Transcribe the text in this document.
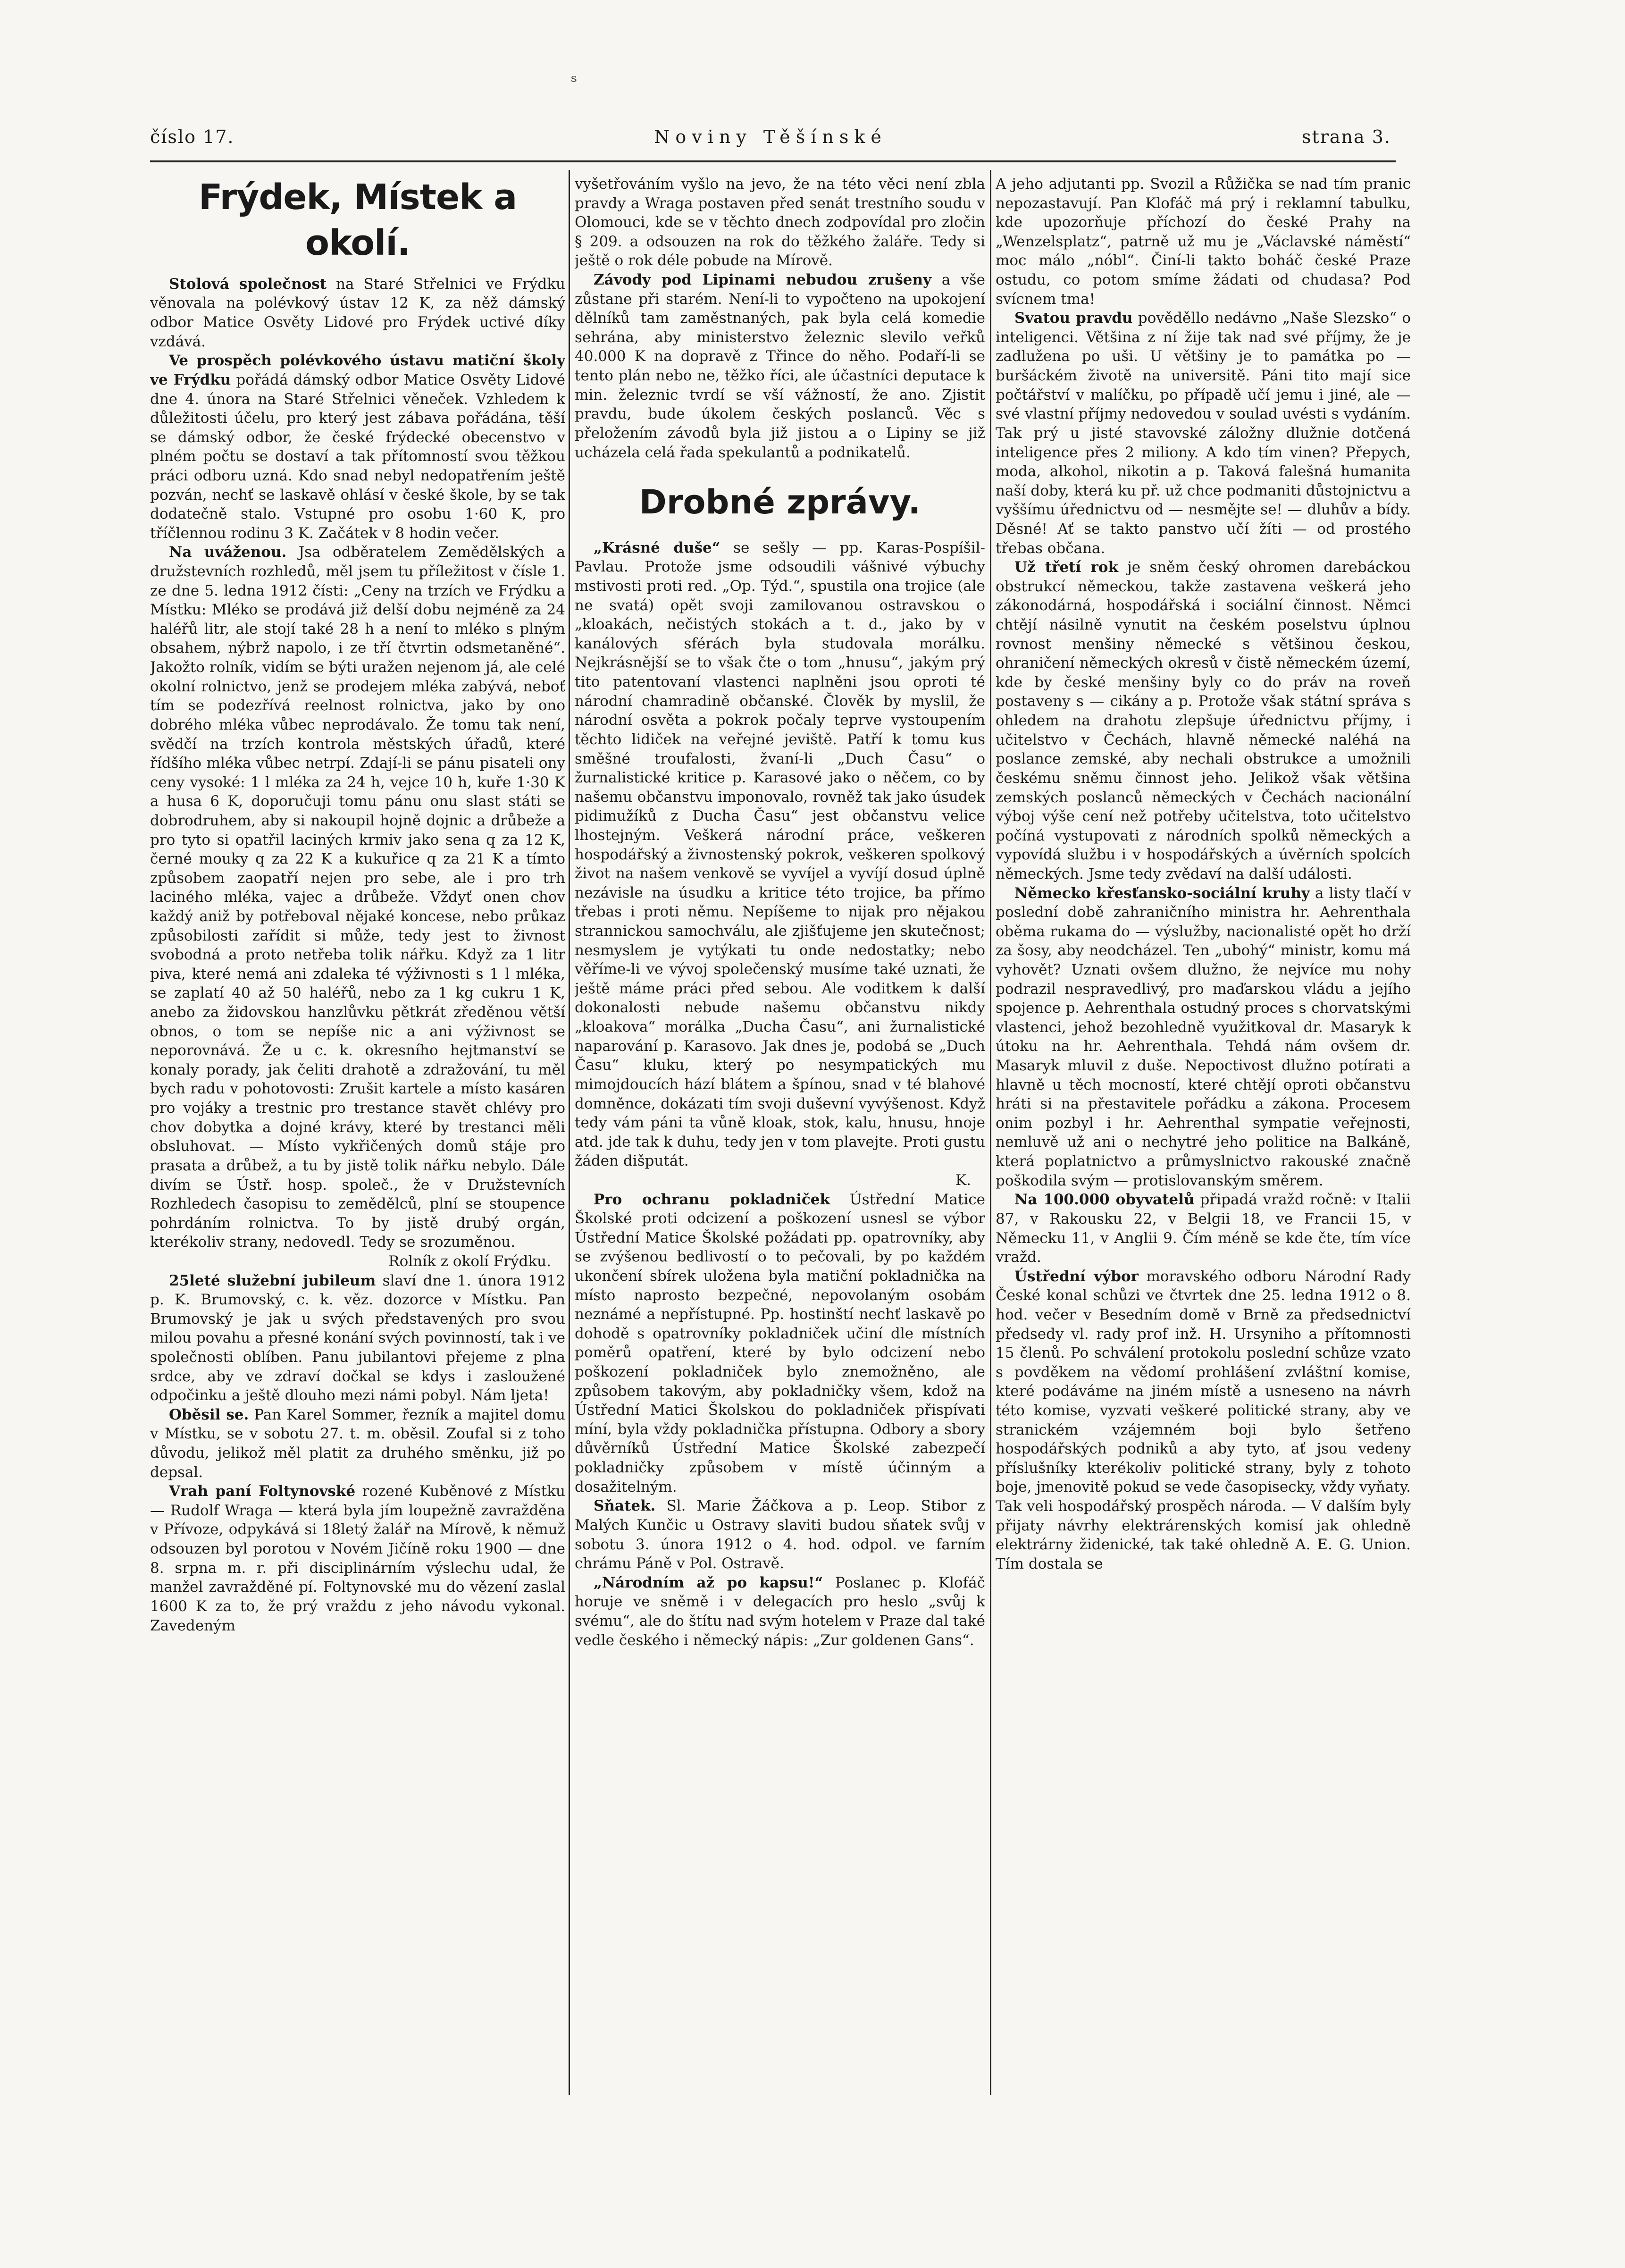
ˢ
číslo 17.	Noviny Těšínské	strana 3.
Frýdek, Místek a okolí.

Stolová společnost na Staré Střelnici ve Frýdku věnovala na polévkový ústav 12 K, za něž dámský odbor Matice Osvěty Lidové pro Frýdek uctivé díky vzdává.

Ve prospěch polévkového ústavu matiční školy ve Frýdku pořádá dámský odbor Matice Osvěty Lidové dne 4. února na Staré Střelnici věneček. Vzhledem k důležitosti účelu, pro který jest zábava pořádána, těší se dámský odbor, že české frýdecké obecenstvo v plném počtu se dostaví a tak přítomností svou těžkou práci odboru uzná. Kdo snad nebyl nedopatřením ještě pozván, nechť se laskavě ohlásí v české škole, by se tak dodatečně stalo. Vstupné pro osobu 1·60 K, pro tříčlennou rodinu 3 K. Začátek v 8 hodin večer.

Na uváženou. Jsa odběratelem Zemědělských a družstevních rozhledů, měl jsem tu příležitost v čísle 1. ze dne 5. ledna 1912 čísti: „Ceny na trzích ve Frýdku a Místku: Mléko se prodává již delší dobu nejméně za 24 haléřů litr, ale stojí také 28 h a není to mléko s plným obsahem, nýbrž napolo, i ze tří čtvrtin odsmetaněné“. Jakožto rolník, vidím se býti uražen nejenom já, ale celé okolní rolnictvo, jenž se prodejem mléka zabývá, neboť tím se podezřívá reelnost rolnictva, jako by ono dobrého mléka vůbec neprodávalo. Že tomu tak není, svědčí na trzích kontrola městských úřadů, které řídšího mléka vůbec netrpí. Zdají-li se pánu pisateli ony ceny vysoké: 1 l mléka za 24 h, vejce 10 h, kuře 1·30 K a husa 6 K, doporučuji tomu pánu onu slast státi se dobrodruhem, aby si nakoupil hojně dojnic a drůbeže a pro tyto si opatřil laciných krmiv jako sena q za 12 K, černé mouky q za 22 K a kukuřice q za 21 K a tímto způsobem zaopatří nejen pro sebe, ale i pro trh laciného mléka, vajec a drůbeže. Vždyť onen chov každý aniž by potřeboval nějaké koncese, nebo průkaz způsobilosti zařídit si může, tedy jest to živnost svobodná a proto netřeba tolik nářku. Když za 1 litr piva, které nemá ani zdaleka té výživnosti s 1 l mléka, se zaplatí 40 až 50 haléřů, nebo za 1 kg cukru 1 K, anebo za židovskou hanzlůvku pětkrát zředěnou větší obnos, o tom se nepíše nic a ani výživnost se neporovnává. Že u c. k. okresního hejtmanství se konaly porady, jak čeliti drahotě a zdražování, tu měl bych radu v pohotovosti: Zrušit kartele a místo kasáren pro vojáky a trestnic pro trestance stavět chlévy pro chov dobytka a dojné krávy, které by trestanci měli obsluhovat. — Místo vykřičených domů stáje pro prasata a drůbež, a tu by jistě tolik nářku nebylo. Dále divím se Ústř. hosp. společ., že v Družstevních Rozhledech časopisu to zemědělců, plní se stoupence pohrdáním rolnictva. To by jistě drubý orgán, kterékoliv strany, nedovedl. Tedy se srozuměnou.

Rolník z okolí Frýdku.

25leté služební jubileum slaví dne 1. února 1912 p. K. Brumovský, c. k. věz. dozorce v Místku. Pan Brumovský je jak u svých představených pro svou milou povahu a přesné konání svých povinností, tak i ve společnosti oblíben. Panu jubilantovi přejeme z plna srdce, aby ve zdraví dočkal se kdys i zasloužené odpočinku a ještě dlouho mezi námi pobyl. Nám ljeta!

Oběsil se. Pan Karel Sommer, řezník a majitel domu v Místku, se v sobotu 27. t. m. oběsil. Zoufal si z toho důvodu, jelikož měl platit za druhého směnku, již po depsal.

Vrah paní Foltynovské rozené Kuběnové z Místku — Rudolf Wraga — která byla jím loupežně zavražděna v Přívoze, odpykává si 18letý žalář na Mírově, k němuž odsouzen byl porotou v Novém Jičíně roku 1900 — dne 8. srpna m. r. při disciplinárním výslechu udal, že manžel zavražděné pí. Foltynovské mu do vězení zaslal 1600 K za to, že prý vraždu z jeho návodu vykonal. Zavedeným

vyšetřováním vyšlo na jevo, že na této věci není zbla pravdy a Wraga postaven před senát trestního soudu v Olomouci, kde se v těchto dnech zodpovídal pro zločin § 209. a odsouzen na rok do těžkého žaláře. Tedy si ještě o rok déle pobude na Mírově.

Závody pod Lipinami nebudou zrušeny a vše zůstane při starém. Není-li to vypočteno na upokojení dělníků tam zaměstnaných, pak byla celá komedie sehrána, aby ministerstvo železnic slevilo veřků 40.000 K na dopravě z Třince do něho. Podaří-li se tento plán nebo ne, těžko říci, ale účastníci deputace k min. železnic tvrdí se vší vážností, že ano. Zjistit pravdu, bude úkolem českých poslanců. Věc s přeložením závodů byla již jistou a o Lipiny se již ucházela celá řada spekulantů a podnikatelů.

Drobné zprávy.

„Krásné duše“ se sešly — pp. Karas-Pospíšil-Pavlau. Protože jsme odsoudili vášnivé výbuchy mstivosti proti red. „Op. Týd.“, spustila ona trojice (ale ne svatá) opět svoji zamilovanou ostravskou o „kloakách, nečistých stokách a t. d., jako by v kanálových sférách byla studovala morálku. Nejkrásnější se to však čte o tom „hnusu“, jakým prý tito patentovaní vlastenci naplněni jsou oproti té národní chamradině občanské. Člověk by myslil, že národní osvěta a pokrok počaly teprve vystoupením těchto lidiček na veřejné jeviště. Patří k tomu kus směšné troufalosti, žvaní-li „Duch Času“ o žurnalistické kritice p. Karasové jako o něčem, co by našemu občanstvu imponovalo, rovněž tak jako úsudek pidimužíků z Ducha Času“ jest občanstvu velice lhostejným. Veškerá národní práce, veškeren hospodářský a živnostenský pokrok, veškeren spolkový život na našem venkově se vyvíjel a vyvíjí dosud úplně nezávisle na úsudku a kritice této trojice, ba přímo třebas i proti němu. Nepíšeme to nijak pro nějakou strannickou samochválu, ale zjišťujeme jen skutečnost; nesmyslem je vytýkati tu onde nedostatky; nebo věříme-li ve vývoj společenský musíme také uznati, že ještě máme práci před sebou. Ale voditkem k další dokonalosti nebude našemu občanstvu nikdy „kloakova“ morálka „Ducha Času“, ani žurnalistické naparování p. Karasovo. Jak dnes je, podobá se „Duch Času“ kluku, který po nesympatických mu mimojdoucích hází blátem a špínou, snad v té blahové domněnce, dokázati tím svoji duševní vyvýšenost. Když tedy vám páni ta vůně kloak, stok, kalu, hnusu, hnoje atd. jde tak k duhu, tedy jen v tom plavejte. Proti gustu žáden dišputát.

K.

Pro ochranu pokladniček Ústřední Matice Školské proti odcizení a poškození usnesl se výbor Ústřední Matice Školské požádati pp. opatrovníky, aby se zvýšenou bedlivostí o to pečovali, by po každém ukončení sbírek uložena byla matiční pokladnička na místo naprosto bezpečné, nepovolaným osobám neznámé a nepřístupné. Pp. hostinští nechť laskavě po dohodě s opatrovníky pokladniček učiní dle místních poměrů opatření, které by bylo odcizení nebo poškození pokladniček bylo znemožněno, ale způsobem takovým, aby pokladničky všem, kdož na Ústřední Matici Školskou do pokladniček přispívati míní, byla vždy pokladnička přístupna. Odbory a sbory důvěrníků Ústřední Matice Školské zabezpečí pokladničky způsobem v místě účinným a dosažitelným.

Sňatek. Sl. Marie Žáčkova a p. Leop. Stibor z Malých Kunčic u Ostravy slaviti budou sňatek svůj v sobotu 3. února 1912 o 4. hod. odpol. ve farním chrámu Páně v Pol. Ostravě.

„Národním až po kapsu!“ Poslanec p. Klofáč horuje ve sněmě i v delegacích pro heslo „svůj k svému“, ale do štítu nad svým hotelem v Praze dal také vedle českého i německý nápis: „Zur goldenen Gans“.

A jeho adjutanti pp. Svozil a Růžička se nad tím pranic nepozastavují. Pan Klofáč má prý i reklamní tabulku, kde upozorňuje příchozí do české Prahy na „Wenzelsplatz“, patrně už mu je „Václavské náměstí“ moc málo „nóbl“. Činí-li takto boháč české Praze ostudu, co potom smíme žádati od chudasa? Pod svícnem tma!

Svatou pravdu pověděllo nedávno „Naše Slezsko“ o inteligenci. Většina z ní žije tak nad své příjmy, že je zadlužena po uši. U většiny je to památka po — buršáckém životě na universitě. Páni tito mají sice počtářství v malíčku, po případě učí jemu i jiné, ale — své vlastní příjmy nedovedou v soulad uvésti s vydáním. Tak prý u jisté stavovské záložny dlužnie dotčená inteligence přes 2 miliony. A kdo tím vinen? Přepych, moda, alkohol, nikotin a p. Taková falešná humanita naší doby, která ku př. už chce podmaniti důstojnictvu a vyššímu úřednictvu od — nesmějte se! — dluhův a bídy. Děsné! Ať se takto panstvo učí žíti — od prostého třebas občana.

Už třetí rok je sněm český ohromen darebáckou obstrukcí německou, takže zastavena veškerá jeho zákonodárná, hospodářská i sociální činnost. Němci chtějí násilně vynutit na českém poselstvu úplnou rovnost menšiny německé s většinou českou, ohraničení německých okresů v čistě německém území, kde by české menšiny byly co do práv na roveň postaveny s — cikány a p. Protože však státní správa s ohledem na drahotu zlepšuje úřednictvu příjmy, i učitelstvo v Čechách, hlavně německé naléhá na poslance zemské, aby nechali obstrukce a umožnili českému sněmu činnost jeho. Jelikož však většina zemských poslanců německých v Čechách nacionální výboj výše cení než potřeby učitelstva, toto učitelstvo počíná vystupovati z národních spolků německých a vypovídá službu i v hospodářských a úvěrních spolcích německých. Jsme tedy zvědaví na další události.

Německo křesťansko-sociální kruhy a listy tlačí v poslední době zahraničního ministra hr. Aehrenthala oběma rukama do — výslužby, nacionalisté opět ho drží za šosy, aby neodcházel. Ten „ubohý“ ministr, komu má vyhovět? Uznati ovšem dlužno, že nejvíce mu nohy podrazil nespravedlivý, pro maďarskou vládu a jejího spojence p. Aehrenthala ostudný proces s chorvatskými vlastenci, jehož bezohledně využitkoval dr. Masaryk k útoku na hr. Aehrenthala. Tehdá nám ovšem dr. Masaryk mluvil z duše. Nepoctivost dlužno potírati a hlavně u těch mocností, které chtějí oproti občanstvu hráti si na přestavitele pořádku a zákona. Procesem onim pozbyl i hr. Aehrenthal sympatie veřejnosti, nemluvě už ani o nechytré jeho politice na Balkáně, která poplatnictvo a průmyslnictvo rakouské značně poškodila svým — protislovanským směrem.

Na 100.000 obyvatelů připadá vražd ročně: v Italii 87, v Rakousku 22, v Belgii 18, ve Francii 15, v Německu 11, v Anglii 9. Čím méně se kde čte, tím více vražd.

Ústřední výbor moravského odboru Národní Rady České konal schůzi ve čtvrtek dne 25. ledna 1912 o 8. hod. večer v Besedním domě v Brně za předsednictví předsedy vl. rady prof inž. H. Ursyniho a přítomnosti 15 členů. Po schválení protokolu poslední schůze vzato s povděkem na vědomí prohlášení zvláštní komise, které podáváme na jiném místě a usneseno na návrh této komise, vyzvati veškeré politické strany, aby ve stranickém vzájemném boji bylo šetřeno hospodářských podniků a aby tyto, ať jsou vedeny příslušníky kterékoliv politické strany, byly z tohoto boje, jmenovitě pokud se vede časopisecky, vždy vyňaty. Tak veli hospodářský prospěch národa. — V dalším byly přijaty návrhy elektrárenských komisí jak ohledně elektrárny židenické, tak také ohledně A. E. G. Union. Tím dostala se
